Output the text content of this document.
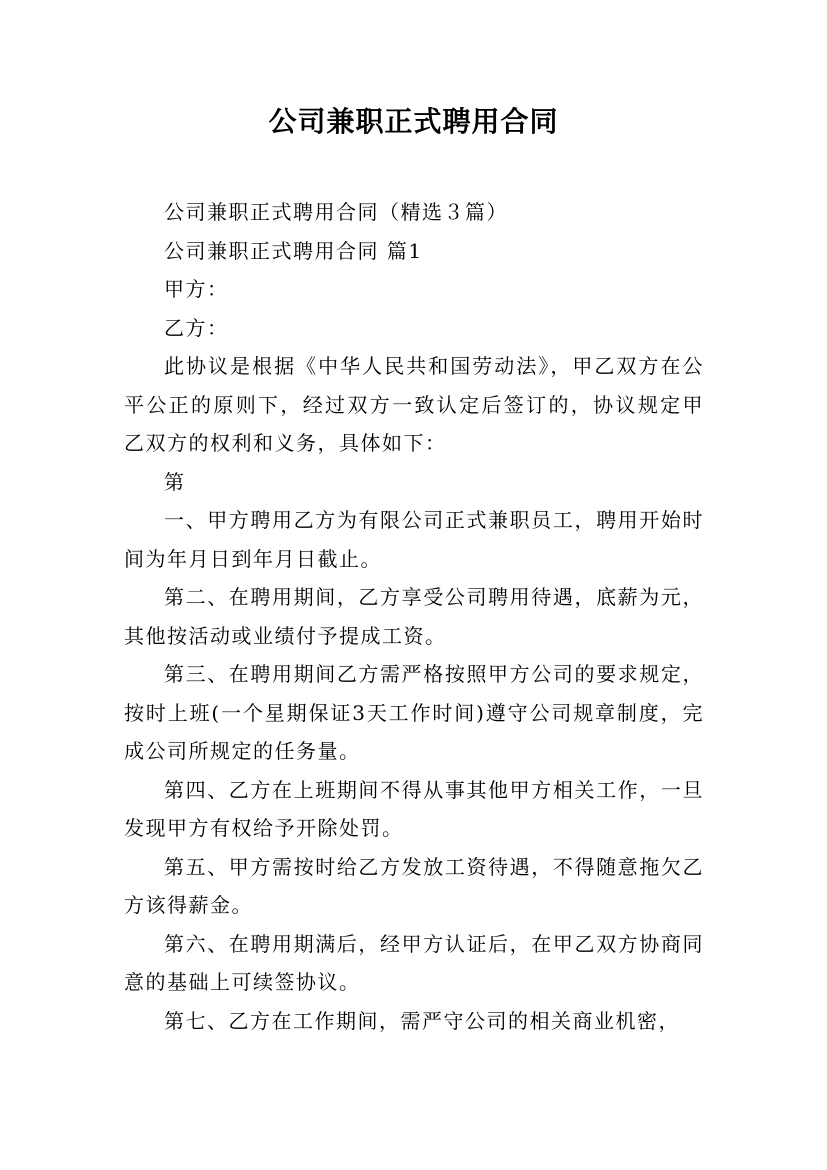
公司兼职正式聘用合同

公司兼职正式聘用合同（精选３篇）

公司兼职正式聘用合同 篇1

甲方：

乙方：

此协议是根据《中华人民共和国劳动法》，甲乙双方在公平公正的原则下，经过双方一致认定后签订的，协议规定甲乙双方的权利和义务，具体如下：

第

一、甲方聘用乙方为有限公司正式兼职员工，聘用开始时间为年月日到年月日截止。

第二、在聘用期间，乙方享受公司聘用待遇，底薪为元，其他按活动或业绩付予提成工资。

第三、在聘用期间乙方需严格按照甲方公司的要求规定，按时上班(一个星期保证3天工作时间)遵守公司规章制度，完成公司所规定的任务量。

第四、乙方在上班期间不得从事其他甲方相关工作，一旦发现甲方有权给予开除处罚。

第五、甲方需按时给乙方发放工资待遇，不得随意拖欠乙方该得薪金。

第六、在聘用期满后，经甲方认证后，在甲乙双方协商同意的基础上可续签协议。

第七、乙方在工作期间，需严守公司的相关商业机密，
